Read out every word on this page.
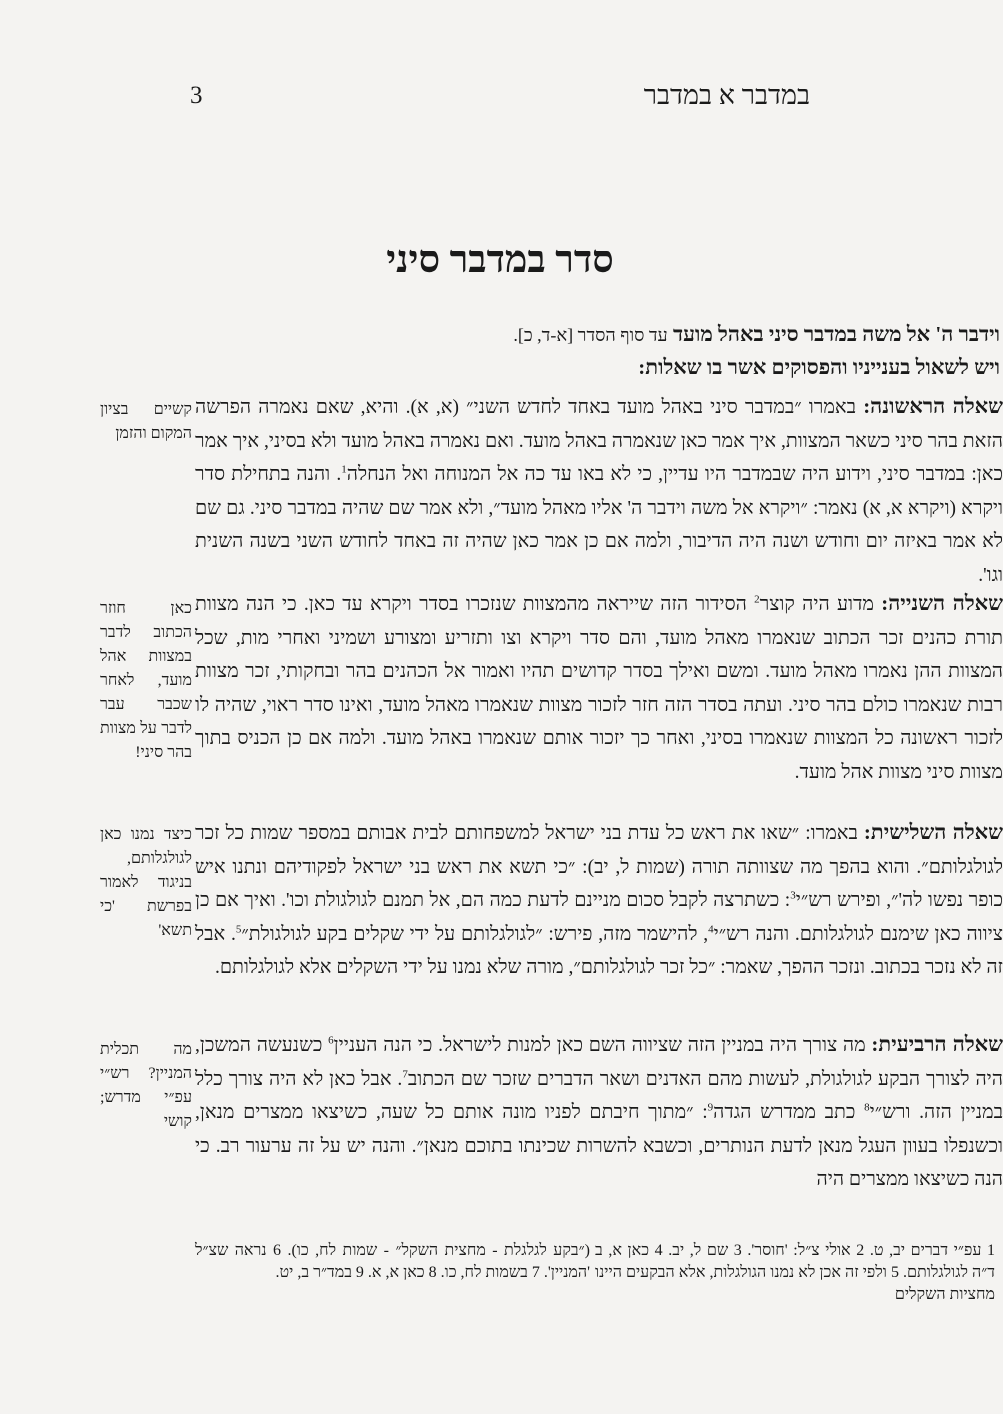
במדבר א במדבר
3
סדר במדבר סיני
וידבר ה' אל משה במדבר סיני באהל מועד עד סוף הסדר [א-ד, כ].
ויש לשאול בענייניו והפסוקים אשר בו שאלות:
שאלה הראשונה: באמרו ״במדבר סיני באהל מועד באחד לחדש השני״ (א, א). והיא, שאם נאמרה הפרשה הזאת בהר סיני כשאר המצוות, איך אמר כאן שנאמרה באהל מועד. ואם נאמרה באהל מועד ולא בסיני, איך אמר כאן: במדבר סיני, וידוע היה שבמדבר היו עדיין, כי לא באו עד כה אל המנוחה ואל הנחלה$^1$. והנה בתחילת סדר ויקרא (ויקרא א, א) נאמר: ״ויקרא אל משה וידבר ה' אליו מאהל מועד״, ולא אמר שם שהיה במדבר סיני. גם שם לא אמר באיזה יום וחודש ושנה היה הדיבור, ולמה אם כן אמר כאן שהיה זה באחד לחודש השני בשנה השנית וגו'.
קשיים בציון המקום והזמן
שאלה השנייה: מדוע היה קוצר$^2$ הסידור הזה שייראה מהמצוות שנזכרו בסדר ויקרא עד כאן. כי הנה מצוות תורת כהנים זכר הכתוב שנאמרו מאהל מועד, והם סדר ויקרא וצו ותזריע ומצורע ושמיני ואחרי מות, שכל המצוות ההן נאמרו מאהל מועד. ומשם ואילך בסדר קדושים תהיו ואמור אל הכהנים בהר ובחקותי, זכר מצוות רבות שנאמרו כולם בהר סיני. ועתה בסדר הזה חזר לזכור מצוות שנאמרו מאהל מועד, ואינו סדר ראוי, שהיה לו לזכור ראשונה כל המצוות שנאמרו בסיני, ואחר כך יזכור אותם שנאמרו באהל מועד. ולמה אם כן הכניס בתוך מצוות סיני מצוות אהל מועד.
כאן חוזר הכתוב לדבר במצוות אהל מועד, לאחר שכבר עבר לדבר על מצוות בהר סיני!
שאלה השלישית: באמרו: ״שאו את ראש כל עדת בני ישראל למשפחותם לבית אבותם במספר שמות כל זכר לגולגלותם״. והוא בהפך מה שצוותה תורה (שמות ל, יב): ״כי תשא את ראש בני ישראל לפקודיהם ונתנו איש כופר נפשו לה'״, ופירש רש״י$^3$: כשתרצה לקבל סכום מניינם לדעת כמה הם, אל תמנם לגולגולת וכו'. ואיך אם כן ציווה כאן שימנם לגולגלותם. והנה רש״י$^4$, להישמר מזה, פירש: ״לגולגלותם על ידי שקלים בקע לגולגולת״$^5$. אבל זה לא נזכר בכתוב. ונזכר ההפך, שאמר: ״כל זכר לגולגלותם״, מורה שלא נמנו על ידי השקלים אלא לגולגלותם.
כיצד נמנו כאן לגולגלותם, בניגוד לאמור בפרשת 'כי תשא'
שאלה הרביעית: מה צורך היה במניין הזה שציווה השם כאן למנות לישראל. כי הנה העניין$^6$ כשנעשה המשכן, היה לצורך הבקע לגולגולת, לעשות מהם האדנים ושאר הדברים שזכר שם הכתוב$^7$. אבל כאן לא היה צורך כלל במניין הזה. ורש״י$^8$ כתב ממדרש הגדה$^9$: ״מתוך חיבתם לפניו מונה אותם כל שעה, כשיצאו ממצרים מנאן, וכשנפלו בעוון העגל מנאן לדעת הנותרים, וכשבא להשרות שכינתו בתוכם מנאן״. והנה יש על זה ערעור רב. כי הנה כשיצאו ממצרים היה
מה תכלית המניין? רש״י עפ״י מדרש; קושי
1 עפ״י דברים יב, ט. 2 אולי צ״ל: 'חוסר'. 3 שם ל, יב. 4 כאן א, ב ד״ה לגולגלותם. 5 ולפי זה אכן לא נמנו הגולגלות, אלא הבקעים היינו מחציות השקלים
(״בקע לגלגלת - מחצית השקל״ - שמות לח, כו). 6 נראה שצ״ל 'המניין'. 7 בשמות לח, כו. 8 כאן א, א. 9 במד״ר ב, יט.
